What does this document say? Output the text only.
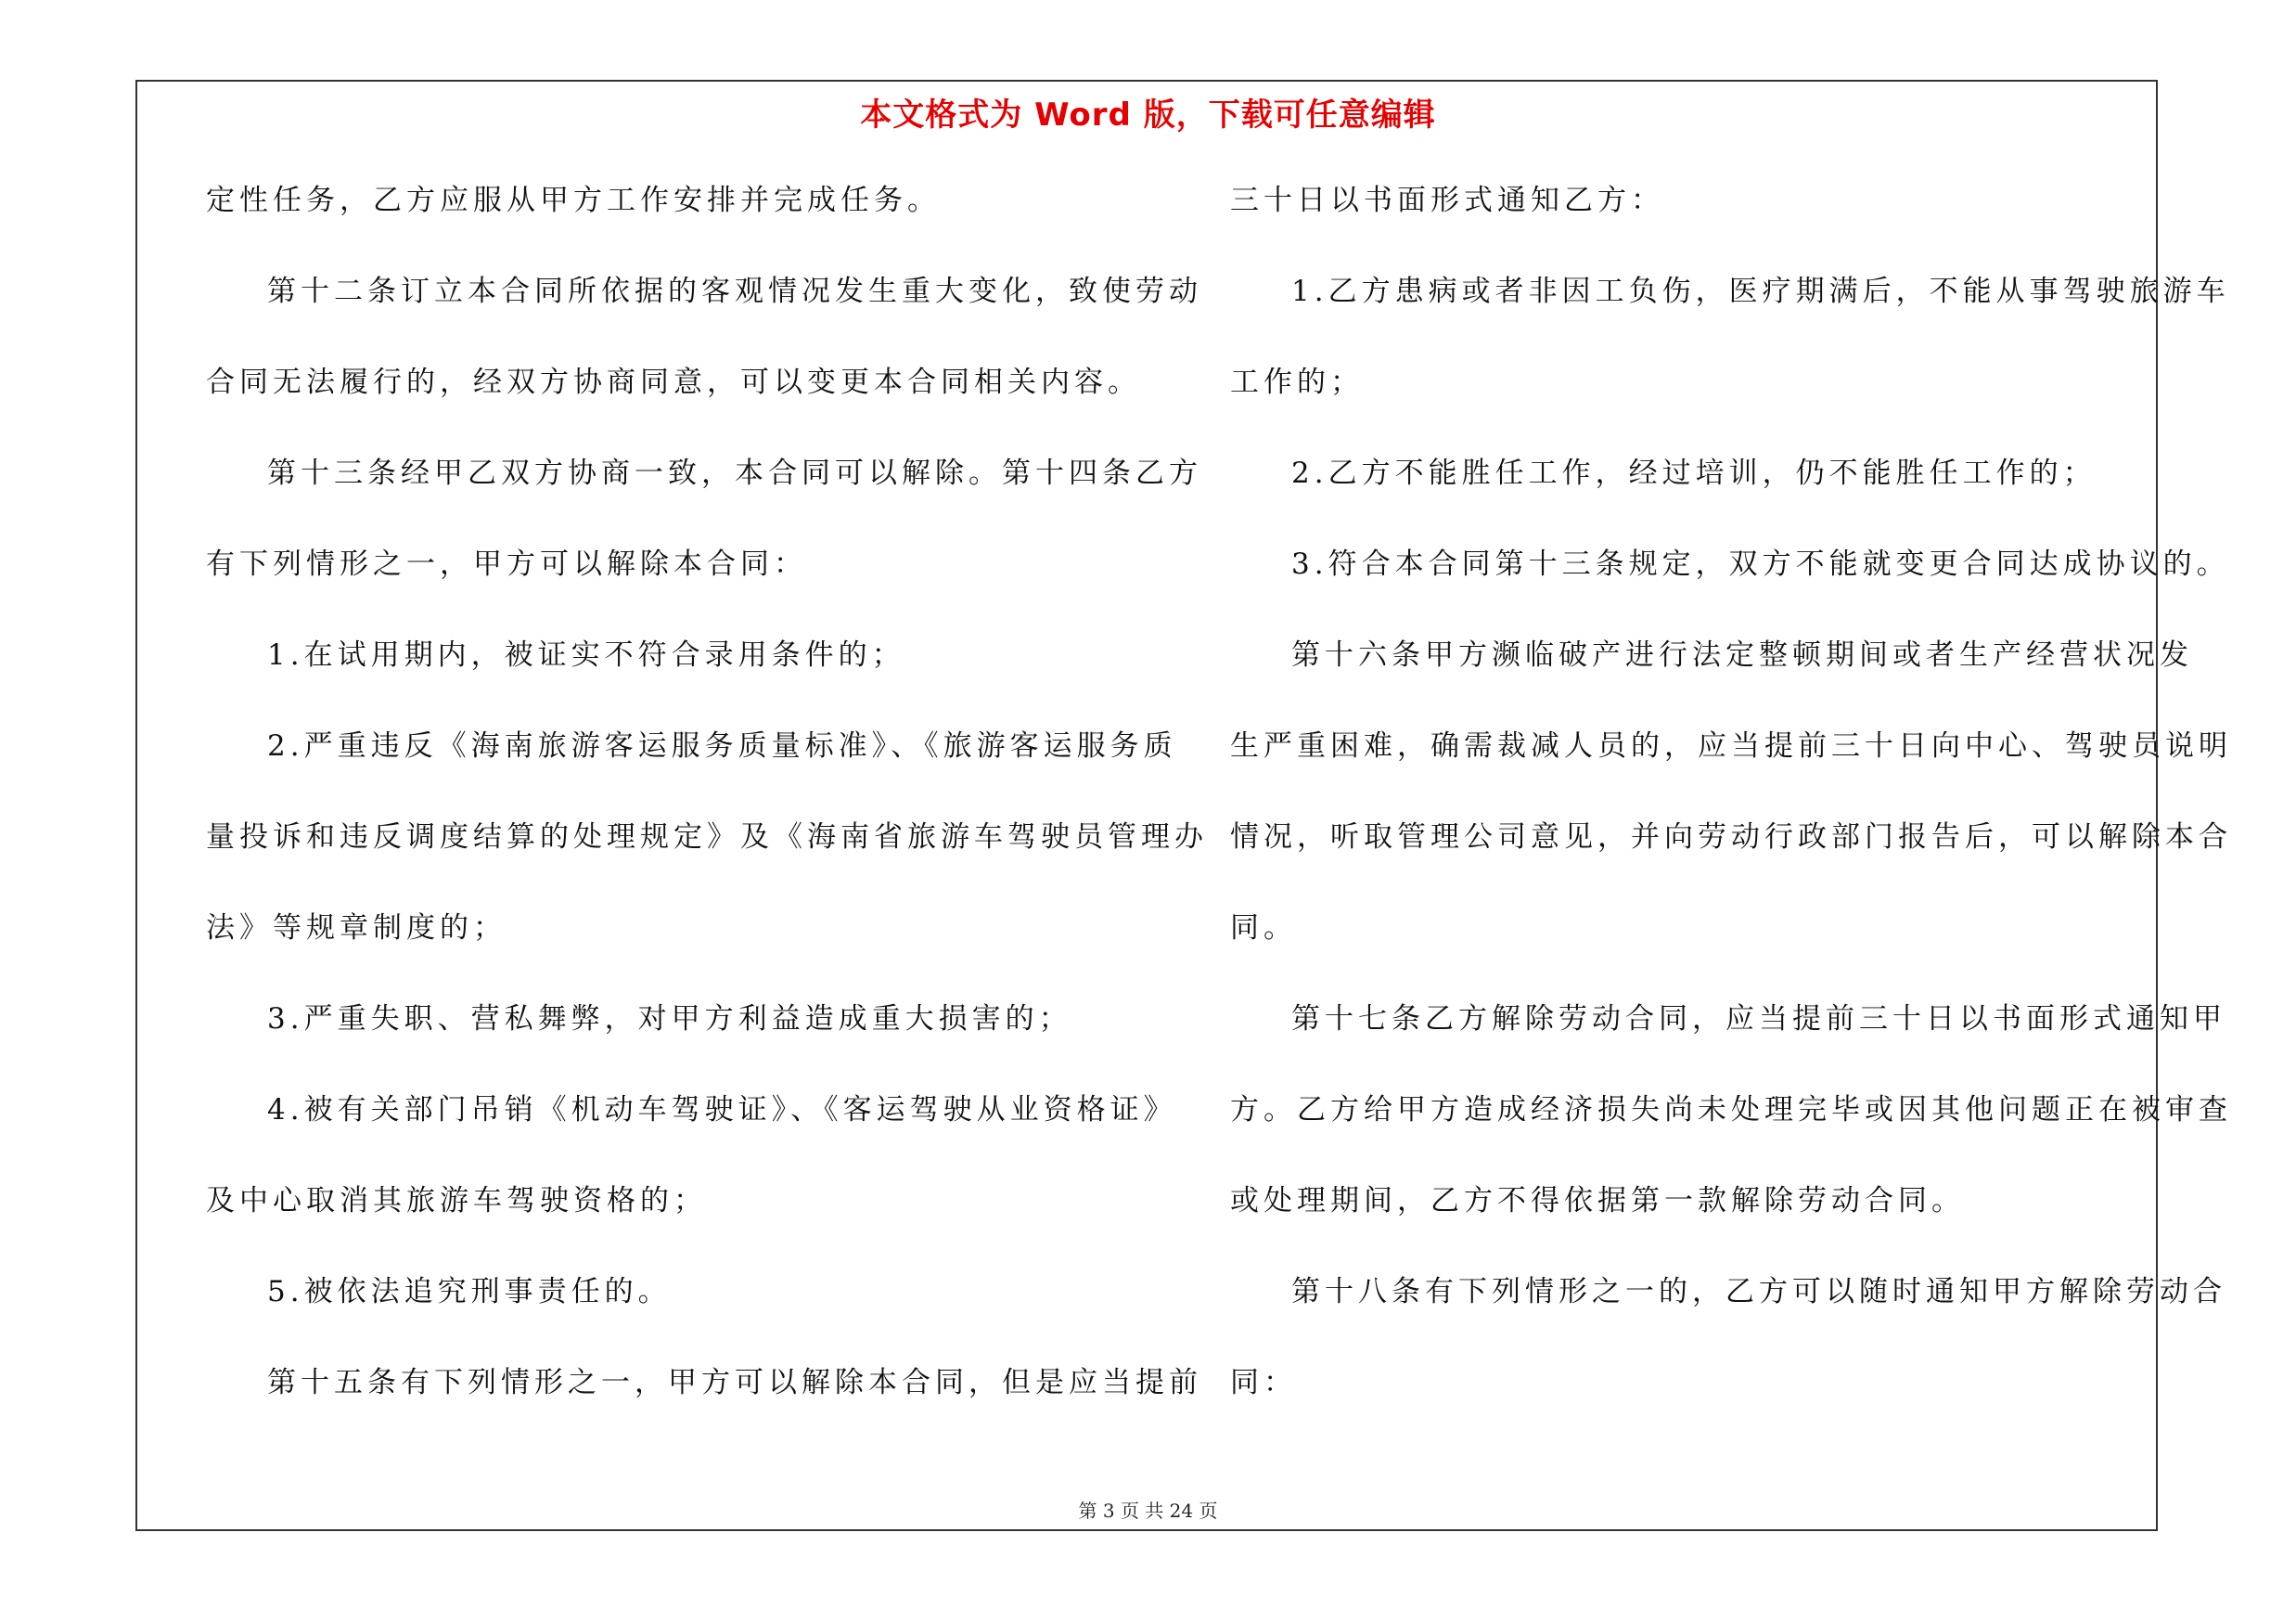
本文格式为 Word 版，下载可任意编辑
定性任务，乙方应服从甲方工作安排并完成任务。
第十二条订立本合同所依据的客观情况发生重大变化，致使劳动
合同无法履行的，经双方协商同意，可以变更本合同相关内容。
第十三条经甲乙双方协商一致，本合同可以解除。第十四条乙方
有下列情形之一，甲方可以解除本合同：
1.在试用期内，被证实不符合录用条件的；
2.严重违反《海南旅游客运服务质量标准》、《旅游客运服务质
量投诉和违反调度结算的处理规定》及《海南省旅游车驾驶员管理办
法》等规章制度的；
3.严重失职、营私舞弊，对甲方利益造成重大损害的；
4.被有关部门吊销《机动车驾驶证》、《客运驾驶从业资格证》
及中心取消其旅游车驾驶资格的；
5.被依法追究刑事责任的。
第十五条有下列情形之一，甲方可以解除本合同，但是应当提前
三十日以书面形式通知乙方：
1.乙方患病或者非因工负伤，医疗期满后，不能从事驾驶旅游车
工作的；
2.乙方不能胜任工作，经过培训，仍不能胜任工作的；
3.符合本合同第十三条规定，双方不能就变更合同达成协议的。
第十六条甲方濒临破产进行法定整顿期间或者生产经营状况发
生严重困难，确需裁减人员的，应当提前三十日向中心、驾驶员说明
情况，听取管理公司意见，并向劳动行政部门报告后，可以解除本合
同。
第十七条乙方解除劳动合同，应当提前三十日以书面形式通知甲
方。乙方给甲方造成经济损失尚未处理完毕或因其他问题正在被审查
或处理期间，乙方不得依据第一款解除劳动合同。
第十八条有下列情形之一的，乙方可以随时通知甲方解除劳动合
同：
第 3 页 共 24 页
